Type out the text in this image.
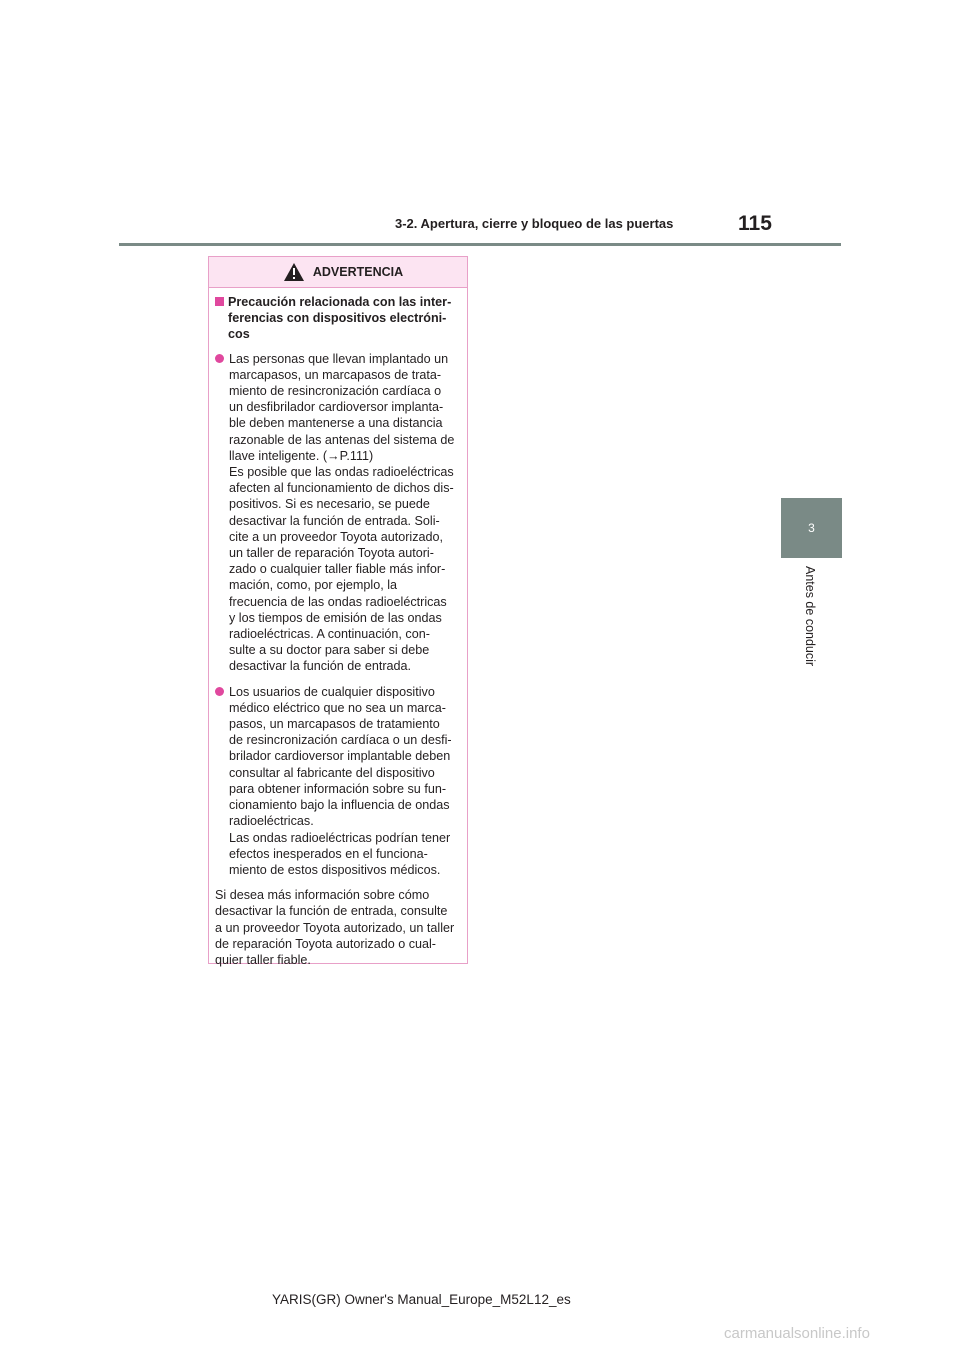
3-2. Apertura, cierre y bloqueo de las puertas	115
3
Antes de conducir
ADVERTENCIA
Precaución relacionada con las inter-
ferencias con dispositivos electróni-
cos

Las personas que llevan implantado un
marcapasos, un marcapasos de trata-
miento de resincronización cardíaca o
un desfibrilador cardioversor implanta-
ble deben mantenerse a una distancia
razonable de las antenas del sistema de
llave inteligente. (→P.111)

Es posible que las ondas radioeléctricas
afecten al funcionamiento de dichos dis-
positivos. Si es necesario, se puede
desactivar la función de entrada. Soli-
cite a un proveedor Toyota autorizado,
un taller de reparación Toyota autori-
zado o cualquier taller fiable más infor-
mación, como, por ejemplo, la
frecuencia de las ondas radioeléctricas
y los tiempos de emisión de las ondas
radioeléctricas. A continuación, con-
sulte a su doctor para saber si debe
desactivar la función de entrada.

Los usuarios de cualquier dispositivo
médico eléctrico que no sea un marca-
pasos, un marcapasos de tratamiento
de resincronización cardíaca o un desfi-
brilador cardioversor implantable deben
consultar al fabricante del dispositivo
para obtener información sobre su fun-
cionamiento bajo la influencia de ondas
radioeléctricas.

Las ondas radioeléctricas podrían tener
efectos inesperados en el funciona-
miento de estos dispositivos médicos.

Si desea más información sobre cómo
desactivar la función de entrada, consulte
a un proveedor Toyota autorizado, un taller
de reparación Toyota autorizado o cual-
quier taller fiable.

YARIS(GR) Owner's Manual_Europe_M52L12_es
carmanualsonline.info
